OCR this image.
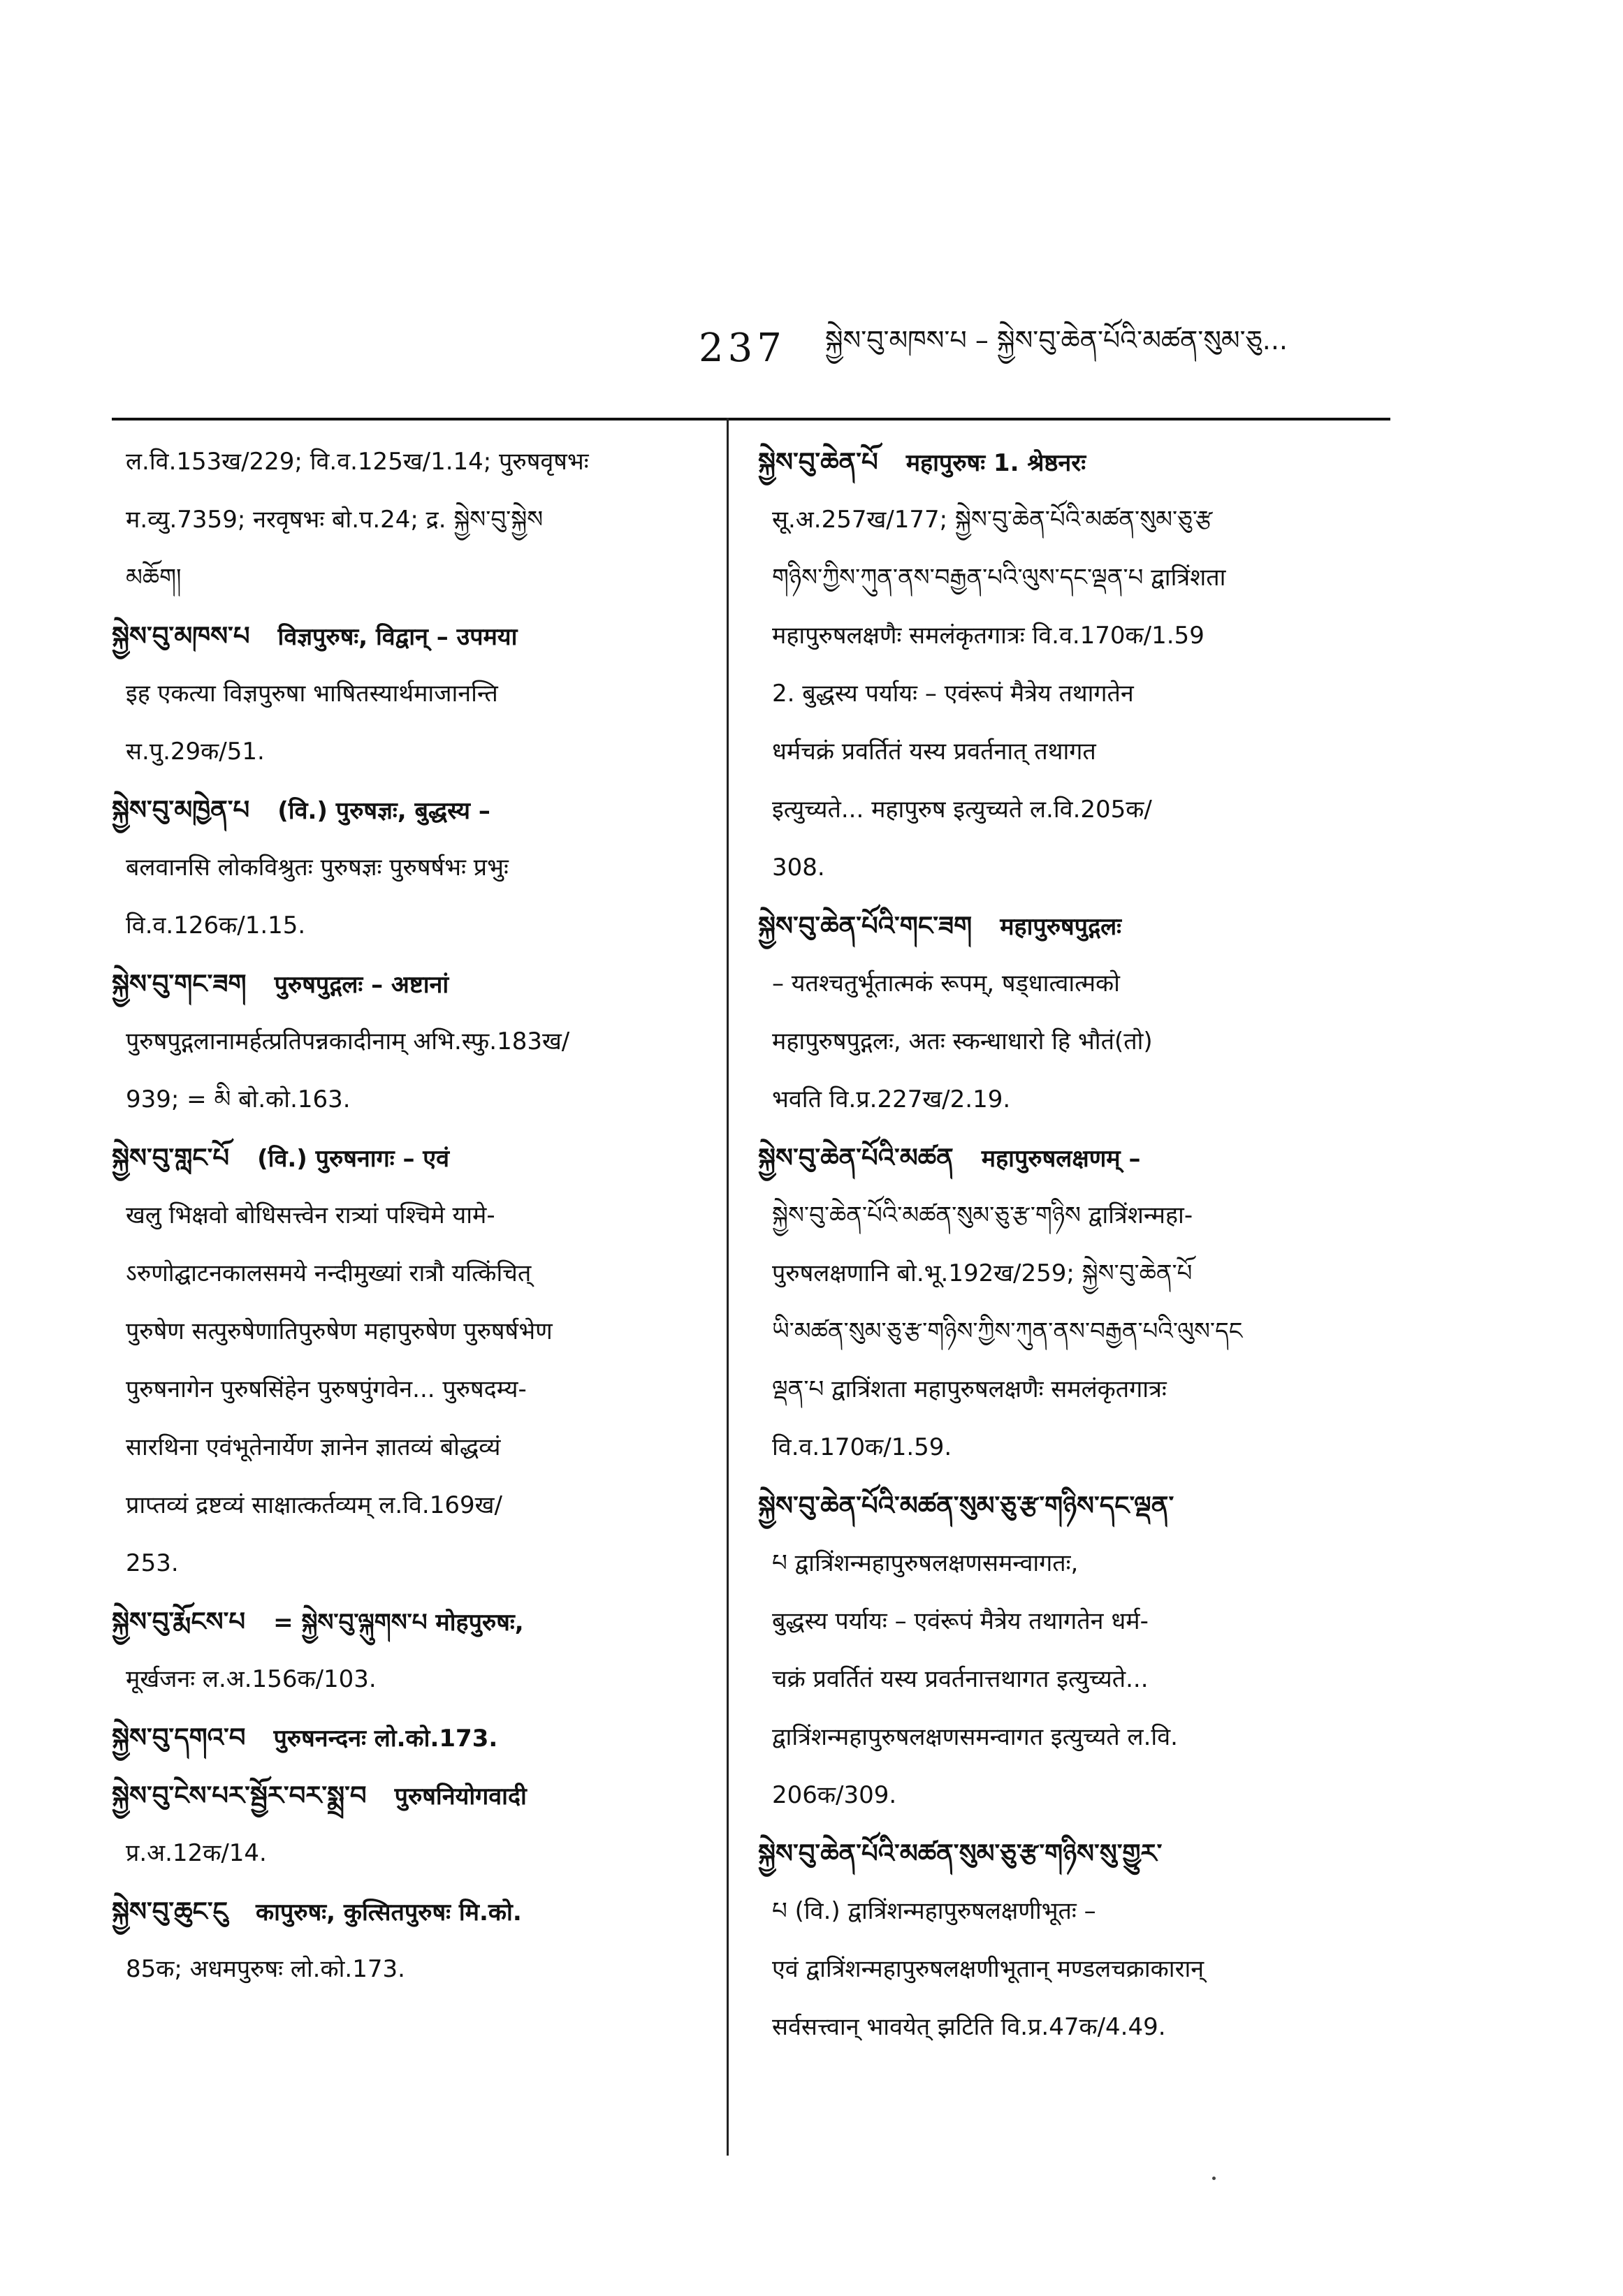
237 སྐྱེས་བུ་མཁས་པ – སྐྱེས་བུ་ཆེན་པོའི་མཚན་སུམ་ཅུ...
ल.वि.153ख/229; वि.व.125ख/1.14; पुरुषवृषभः
म.व्यु.7359; नरवृषभः बो.प.24; द्र. སྐྱེས་བུ་སྐྱེས
མཆོག།
སྐྱེས་བུ་མཁས་པ विज्ञपुरुषः, विद्वान् – उपमया
इह एकत्या विज्ञपुरुषा भाषितस्यार्थमाजानन्ति
स.पु.29क/51.
སྐྱེས་བུ་མཁྱེན་པ (वि.) पुरुषज्ञः, बुद्धस्य –
बलवानसि लोकविश्रुतः पुरुषज्ञः पुरुषर्षभः प्रभुः
वि.व.126क/1.15.
སྐྱེས་བུ་གང་ཟག पुरुषपुद्गलः – अष्टानां
पुरुषपुद्गलानामर्हत्प्रतिपन्नकादीनाम् अभि.स्फु.183ख/
939; = མི बो.को.163.
སྐྱེས་བུ་གླང་པོ (वि.) पुरुषनागः – एवं
खलु भिक्षवो बोधिसत्त्वेन रात्र्यां पश्चिमे यामे-
ऽरुणोद्घाटनकालसमये नन्दीमुख्यां रात्रौ यत्किंचित्
पुरुषेण सत्पुरुषेणातिपुरुषेण महापुरुषेण पुरुषर्षभेण
पुरुषनागेन पुरुषसिंहेन पुरुषपुंगवेन... पुरुषदम्य-
सारथिना एवंभूतेनार्येण ज्ञानेन ज्ञातव्यं बोद्धव्यं
प्राप्तव्यं द्रष्टव्यं साक्षात्कर्तव्यम् ल.वि.169ख/
253.
སྐྱེས་བུ་རྨོངས་པ = སྐྱེས་བུ་ལྐུགས་པ मोहपुरुषः,
मूर्खजनः ल.अ.156क/103.
སྐྱེས་བུ་དགའ་བ पुरुषनन्दनः लो.को.173.
སྐྱེས་བུ་ངེས་པར་སྦྱོར་བར་སྨྲ་བ पुरुषनियोगवादी
प्र.अ.12क/14.
སྐྱེས་བུ་ཆུང་ངུ कापुरुषः, कुत्सितपुरुषः मि.को.
85क; अधमपुरुषः लो.को.173.
སྐྱེས་བུ་ཆེན་པོ महापुरुषः 1. श्रेष्ठनरः
सू.अ.257ख/177; སྐྱེས་བུ་ཆེན་པོའི་མཚན་སུམ་ཅུ་རྩ
གཉིས་ཀྱིས་ཀུན་ནས་བརྒྱན་པའི་ལུས་དང་ལྡན་པ द्वात्रिंशता
महापुरुषलक्षणैः समलंकृतगात्रः वि.व.170क/1.59
2. बुद्धस्य पर्यायः – एवंरूपं मैत्रेय तथागतेन
धर्मचक्रं प्रवर्तितं यस्य प्रवर्तनात् तथागत
इत्युच्यते... महापुरुष इत्युच्यते ल.वि.205क/
308.
སྐྱེས་བུ་ཆེན་པོའི་གང་ཟག महापुरुषपुद्गलः
– यतश्चतुर्भूतात्मकं रूपम्, षड्धात्वात्मको
महापुरुषपुद्गलः, अतः स्कन्धाधारो हि भौतं(तो)
भवति वि.प्र.227ख/2.19.
སྐྱེས་བུ་ཆེན་པོའི་མཚན महापुरुषलक्षणम् –
སྐྱེས་བུ་ཆེན་པོའི་མཚན་སུམ་ཅུ་རྩ་གཉིས द्वात्रिंशन्महा-
पुरुषलक्षणानि बो.भू.192ख/259; སྐྱེས་བུ་ཆེན་པོ
ཡི་མཚན་སུམ་ཅུ་རྩ་གཉིས་ཀྱིས་ཀུན་ནས་བརྒྱན་པའི་ལུས་དང
ལྡན་པ द्वात्रिंशता महापुरुषलक्षणैः समलंकृतगात्रः
वि.व.170क/1.59.
སྐྱེས་བུ་ཆེན་པོའི་མཚན་སུམ་ཅུ་རྩ་གཉིས་དང་ལྡན་
པ द्वात्रिंशन्महापुरुषलक्षणसमन्वागतः,
बुद्धस्य पर्यायः – एवंरूपं मैत्रेय तथागतेन धर्म-
चक्रं प्रवर्तितं यस्य प्रवर्तनात्तथागत इत्युच्यते...
द्वात्रिंशन्महापुरुषलक्षणसमन्वागत इत्युच्यते ल.वि.
206क/309.
སྐྱེས་བུ་ཆེན་པོའི་མཚན་སུམ་ཅུ་རྩ་གཉིས་སུ་གྱུར་
པ (वि.) द्वात्रिंशन्महापुरुषलक्षणीभूतः –
एवं द्वात्रिंशन्महापुरुषलक्षणीभूतान् मण्डलचक्राकारान्
सर्वसत्त्वान् भावयेत् झटिति वि.प्र.47क/4.49.
